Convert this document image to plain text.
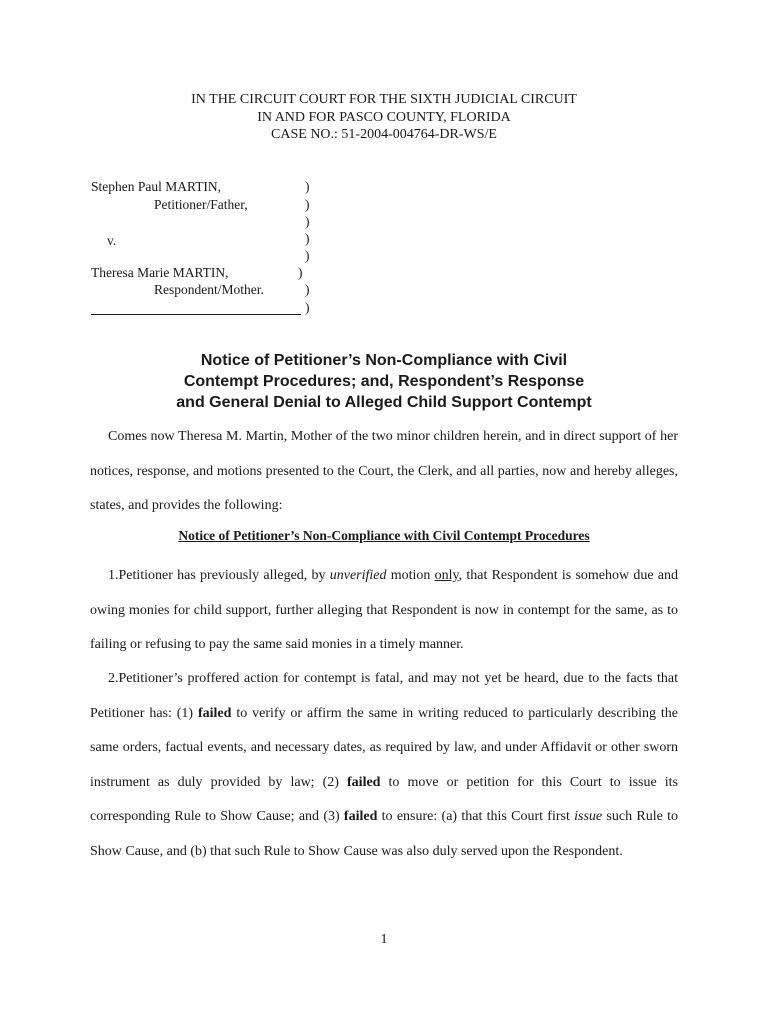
IN THE CIRCUIT COURT FOR THE SIXTH JUDICIAL CIRCUIT
IN AND FOR PASCO COUNTY, FLORIDA
CASE NO.: 51-2004-004764-DR-WS/E
Stephen Paul MARTIN,
Petitioner/Father,
v.
Theresa Marie MARTIN,
Respondent/Mother.
)
)
)
)
)
)
)
)
Notice of Petitioner’s Non-Compliance with Civil
Contempt Procedures; and, Respondent’s Response
and General Denial to Alleged Child Support Contempt

Comes now Theresa M. Martin, Mother of the two minor children herein, and in direct support of her notices, response, and motions presented to the Court, the Clerk, and all parties, now and hereby alleges, states, and provides the following:

Notice of Petitioner’s Non-Compliance with Civil Contempt Procedures

1.Petitioner has previously alleged, by unverified motion only, that Respondent is somehow due and owing monies for child support, further alleging that Respondent is now in contempt for the same, as to failing or refusing to pay the same said monies in a timely manner.

2.Petitioner’s proffered action for contempt is fatal, and may not yet be heard, due to the facts that Petitioner has: (1) failed to verify or affirm the same in writing reduced to particularly describing the same orders, factual events, and necessary dates, as required by law, and under Affidavit or other sworn instrument as duly provided by law; (2) failed to move or petition for this Court to issue its corresponding Rule to Show Cause; and (3) failed to ensure: (a) that this Court first issue such Rule to Show Cause, and (b) that such Rule to Show Cause was also duly served upon the Respondent.

1
